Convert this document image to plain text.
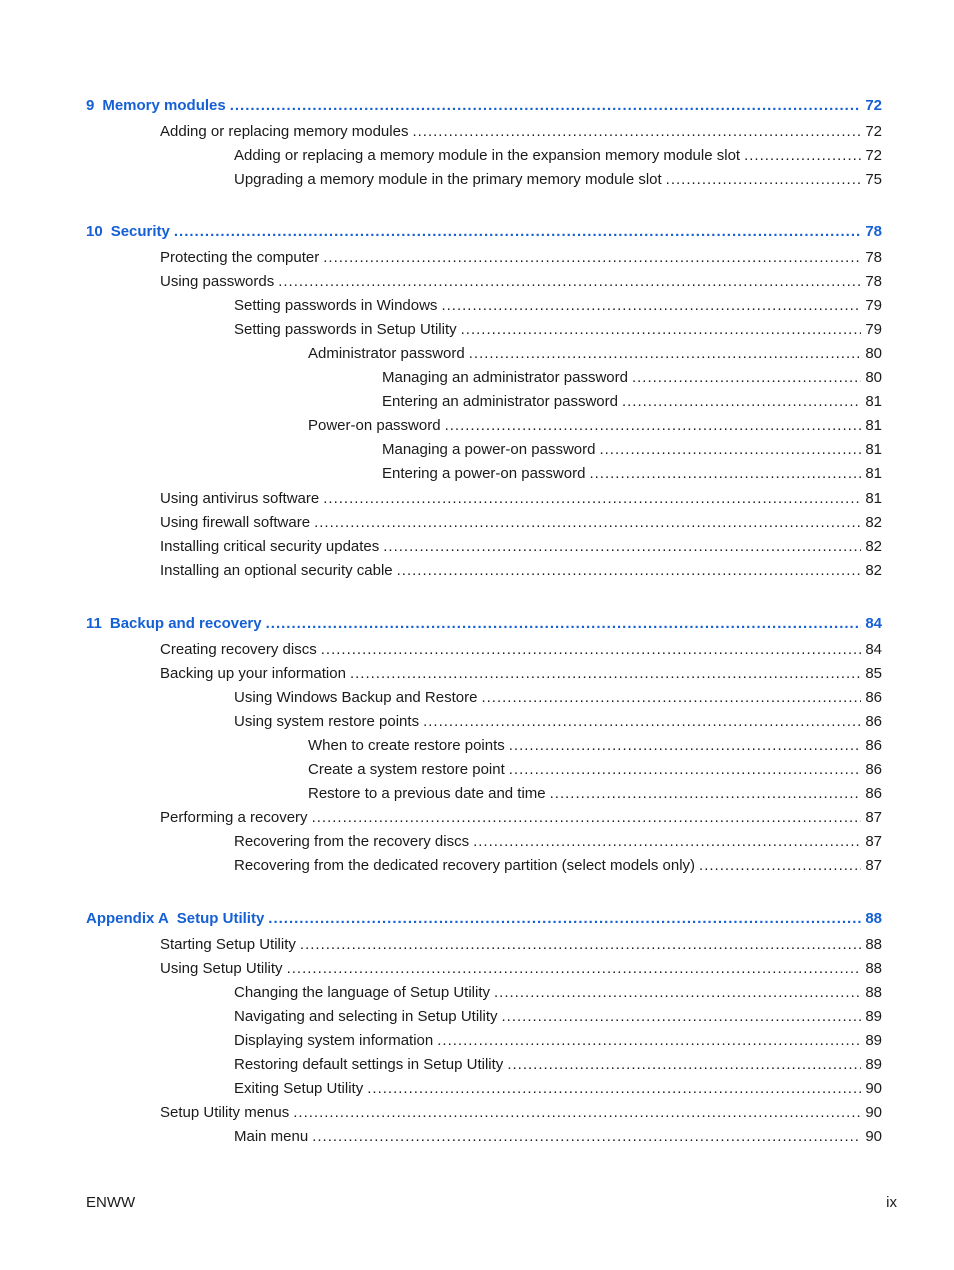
9 Memory modules .....	72
Adding or replacing memory modules .....	72
Adding or replacing a memory module in the expansion memory module slot .....	72
Upgrading a memory module in the primary memory module slot .....	75
10 Security .....	78
Protecting the computer .....	78
Using passwords .....	78
Setting passwords in Windows .....	79
Setting passwords in Setup Utility .....	79
Administrator password .....	80
Managing an administrator password .....	80
Entering an administrator password .....	81
Power-on password .....	81
Managing a power-on password .....	81
Entering a power-on password .....	81
Using antivirus software .....	81
Using firewall software .....	82
Installing critical security updates .....	82
Installing an optional security cable .....	82
11 Backup and recovery .....	84
Creating recovery discs .....	84
Backing up your information .....	85
Using Windows Backup and Restore .....	86
Using system restore points .....	86
When to create restore points .....	86
Create a system restore point .....	86
Restore to a previous date and time .....	86
Performing a recovery .....	87
Recovering from the recovery discs .....	87
Recovering from the dedicated recovery partition (select models only) .....	87
Appendix A Setup Utility .....	88
Starting Setup Utility .....	88
Using Setup Utility .....	88
Changing the language of Setup Utility .....	88
Navigating and selecting in Setup Utility .....	89
Displaying system information .....	89
Restoring default settings in Setup Utility .....	89
Exiting Setup Utility .....	90
Setup Utility menus .....	90
Main menu .....	90
ENWW	ix
